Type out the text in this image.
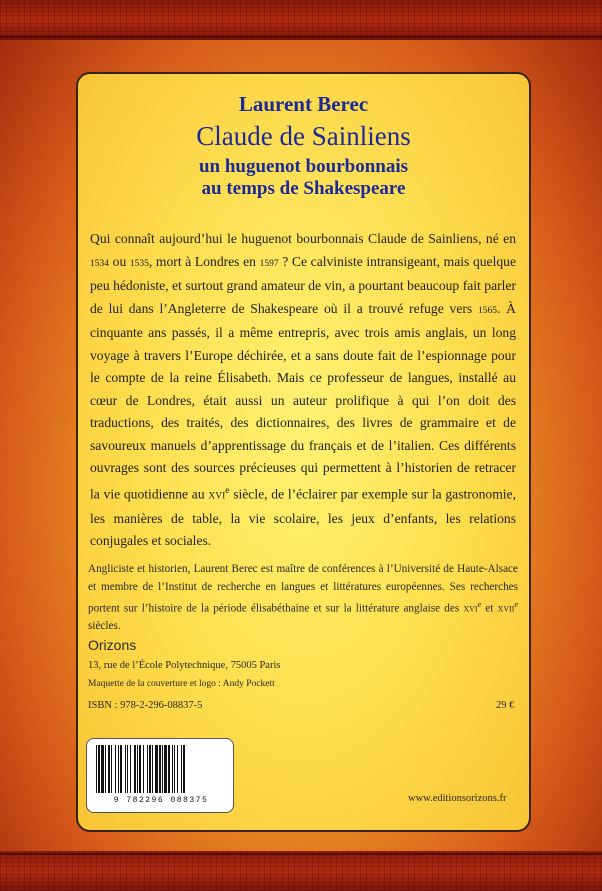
Laurent Berec
Claude de Sainliens
un huguenot bourbonnais
au temps de Shakespeare
Qui connaît aujourd’hui le huguenot bourbonnais Claude de Sainliens, né en 1534 ou 1535, mort à Londres en 1597 ? Ce calviniste intransigeant, mais quelque peu hédoniste, et surtout grand amateur de vin, a pourtant beaucoup fait parler de lui dans l’Angleterre de Shakespeare où il a trouvé refuge vers 1565. À cinquante ans passés, il a même entrepris, avec trois amis anglais, un long voyage à travers l’Europe déchirée, et a sans doute fait de l’espionnage pour le compte de la reine Élisabeth. Mais ce professeur de langues, installé au cœur de Londres, était aussi un auteur prolifique à qui l’on doit des traductions, des traités, des dictionnaires, des livres de grammaire et de savoureux manuels d’apprentissage du français et de l’italien. Ces différents ouvrages sont des sources précieuses qui permettent à l’historien de retracer la vie quotidienne au XVIe siècle, de l’éclairer par exemple sur la gastronomie, les manières de table, la vie scolaire, les jeux d’enfants, les relations conjugales et sociales.
Angliciste et historien, Laurent Berec est maître de conférences à l’Université de Haute-Alsace et membre de l’Institut de recherche en langues et littératures européennes. Ses recherches portent sur l’histoire de la période élisabéthaine et sur la littérature anglaise des XVIe et XVIIe siècles.
Orizons
13, rue de l’École Polytechnique, 75005 Paris
Maquette de la couverture et logo : Andy Pockett
ISBN : 978-2-296-08837-5	29 €
9 782296 088375	www.editionsorizons.fr
